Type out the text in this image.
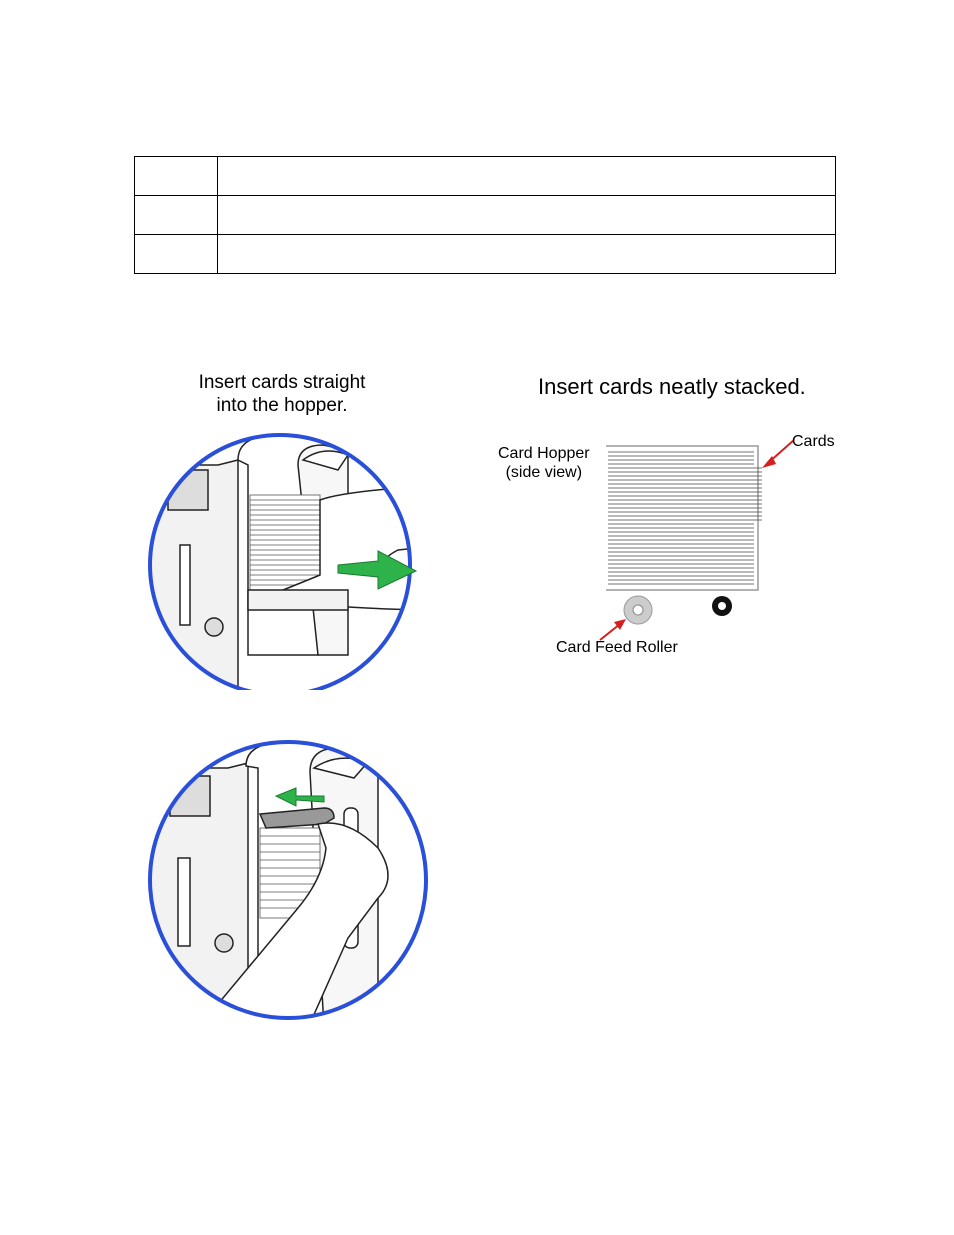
Insert cards straight
into the hopper.
Insert cards neatly stacked.
Card Hopper
(side view)
Cards
Card Feed Roller
